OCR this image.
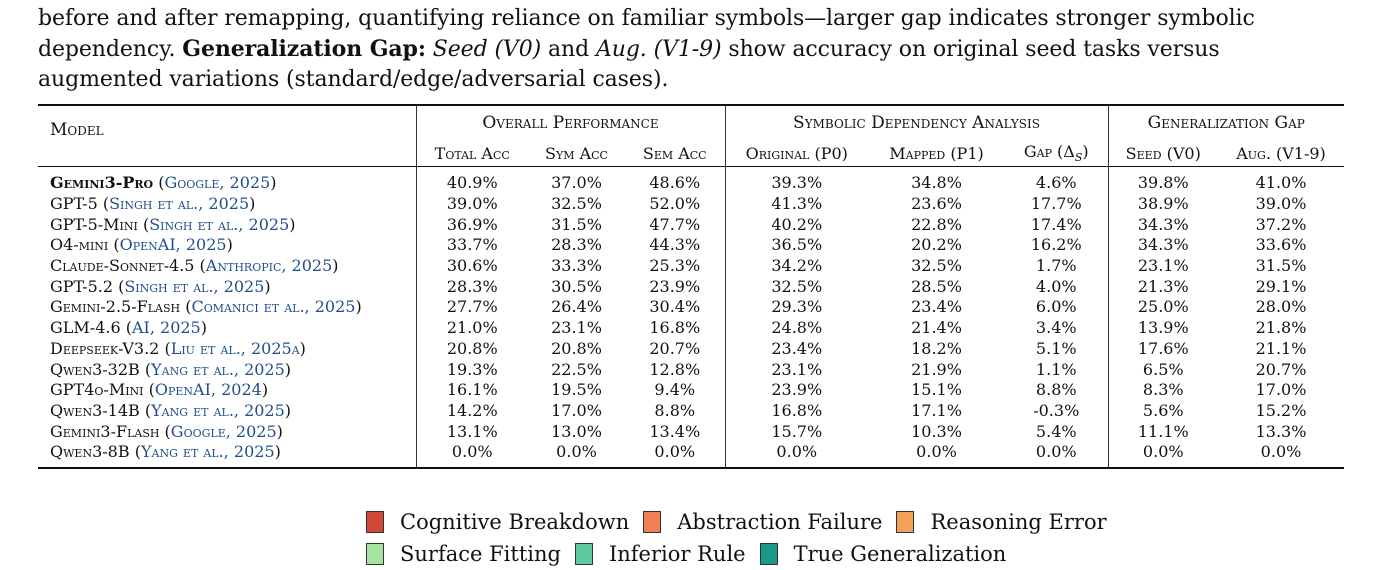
before and after remapping, quantifying reliance on familiar symbols—larger gap indicates stronger symbolic
dependency. Generalization Gap: Seed (V0) and Aug. (V1-9) show accuracy on original seed tasks versus
augmented variations (standard/edge/adversarial cases).
Model	Overall Performance			Symbolic Dependency Analysis			Generalization Gap	
	Total Acc	Sym Acc	Sem Acc	Original (P0)	Mapped (P1)	Gap $(\Delta_S)$	Seed (V0)	Aug. (V1-9)
Gemini3-Pro (Google, 2025)	40.9%	37.0%	48.6%	39.3%	34.8%	4.6%	39.8%	41.0%
GPT-5 (Singh et al., 2025)	39.0%	32.5%	52.0%	41.3%	23.6%	17.7%	38.9%	39.0%
GPT-5-Mini (Singh et al., 2025)	36.9%	31.5%	47.7%	40.2%	22.8%	17.4%	34.3%	37.2%
O4-mini (OpenAI, 2025)	33.7%	28.3%	44.3%	36.5%	20.2%	16.2%	34.3%	33.6%
Claude-Sonnet-4.5 (Anthropic, 2025)	30.6%	33.3%	25.3%	34.2%	32.5%	1.7%	23.1%	31.5%
GPT-5.2 (Singh et al., 2025)	28.3%	30.5%	23.9%	32.5%	28.5%	4.0%	21.3%	29.1%
Gemini-2.5-Flash (Comanici et al., 2025)	27.7%	26.4%	30.4%	29.3%	23.4%	6.0%	25.0%	28.0%
GLM-4.6 (AI, 2025)	21.0%	23.1%	16.8%	24.8%	21.4%	3.4%	13.9%	21.8%
Deepseek-V3.2 (Liu et al., 2025a)	20.8%	20.8%	20.7%	23.4%	18.2%	5.1%	17.6%	21.1%
Qwen3-32B (Yang et al., 2025)	19.3%	22.5%	12.8%	23.1%	21.9%	1.1%	6.5%	20.7%
GPT4o-Mini (OpenAI, 2024)	16.1%	19.5%	9.4%	23.9%	15.1%	8.8%	8.3%	17.0%
Qwen3-14B (Yang et al., 2025)	14.2%	17.0%	8.8%	16.8%	17.1%	-0.3%	5.6%	15.2%
Gemini3-Flash (Google, 2025)	13.1%	13.0%	13.4%	15.7%	10.3%	5.4%	11.1%	13.3%
Qwen3-8B (Yang et al., 2025)	0.0%	0.0%	0.0%	0.0%	0.0%	0.0%	0.0%	0.0%
Cognitive Breakdown Abstraction Failure Reasoning Error
Surface Fitting Inferior Rule True Generalization
